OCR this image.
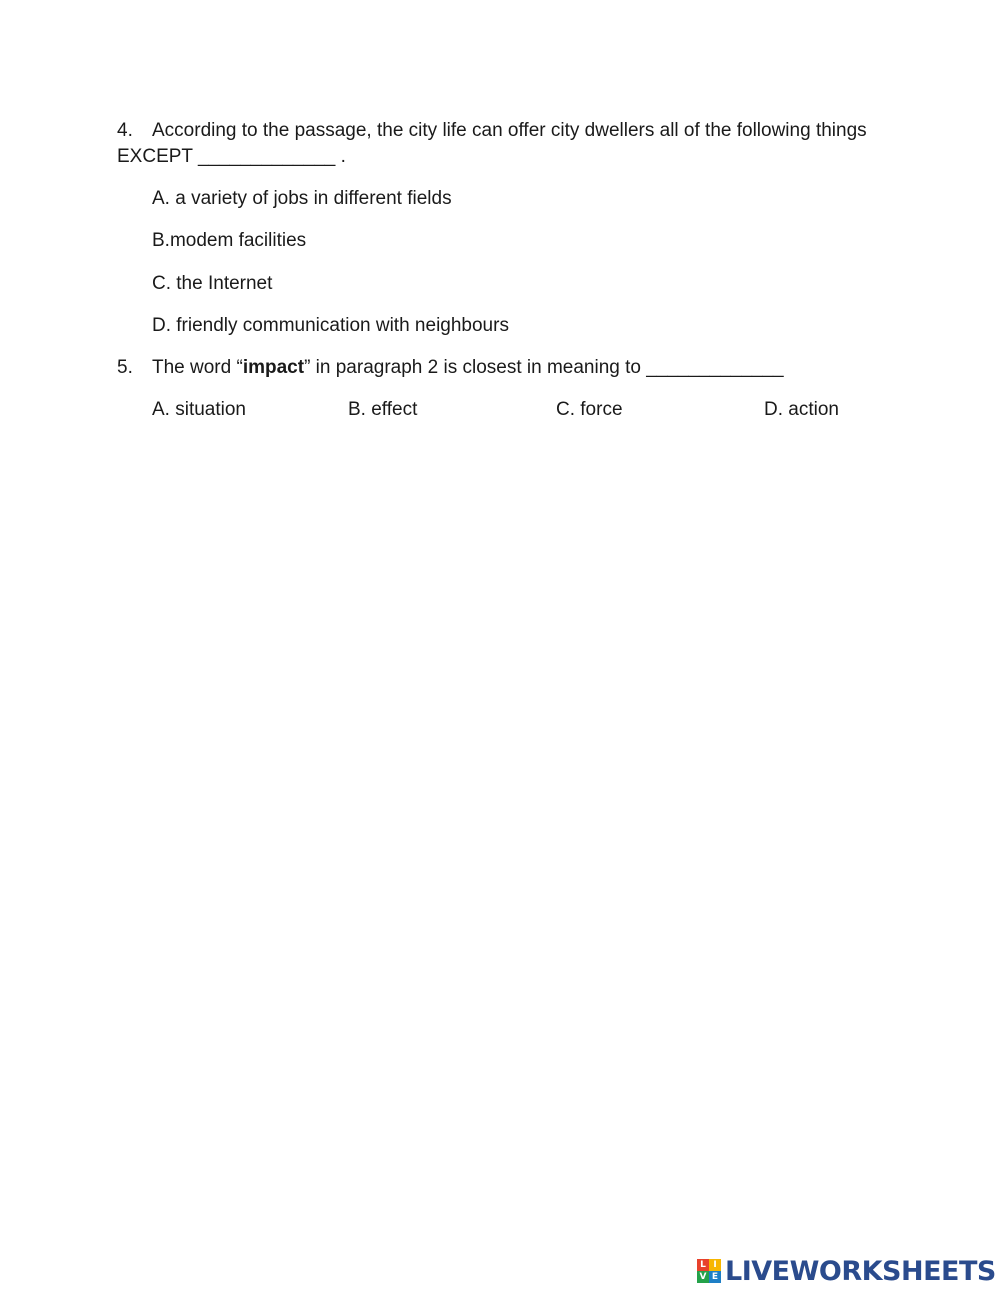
4. According to the passage, the city life can offer city dwellers all of the following things
EXCEPT _____________ .
A. a variety of jobs in different fields
B.modem facilities
C. the Internet
D. friendly communication with neighbours
5. The word “impact” in paragraph 2 is closest in meaning to _____________
A. situation	B. effect	C. force	D. action
L I
V E LIVEWORKSHEETS
